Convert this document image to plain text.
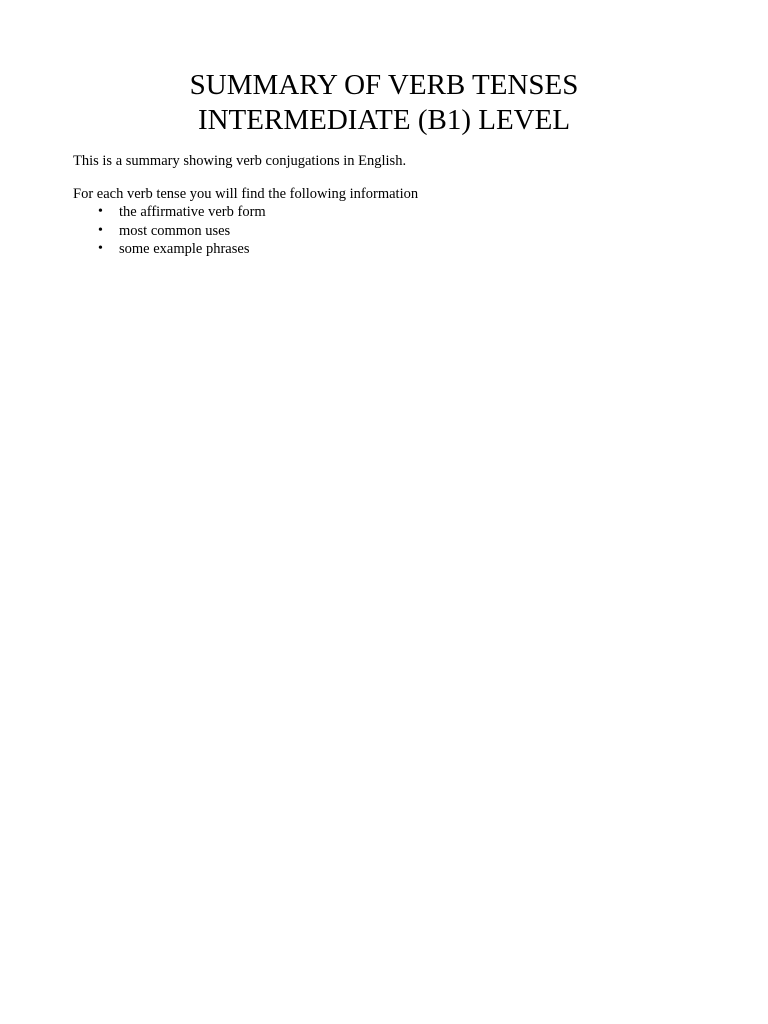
SUMMARY OF VERB TENSES
INTERMEDIATE (B1) LEVEL

This is a summary showing verb conjugations in English.

For each verb tense you will find the following information

• the affirmative verb form
• most common uses
• some example phrases
